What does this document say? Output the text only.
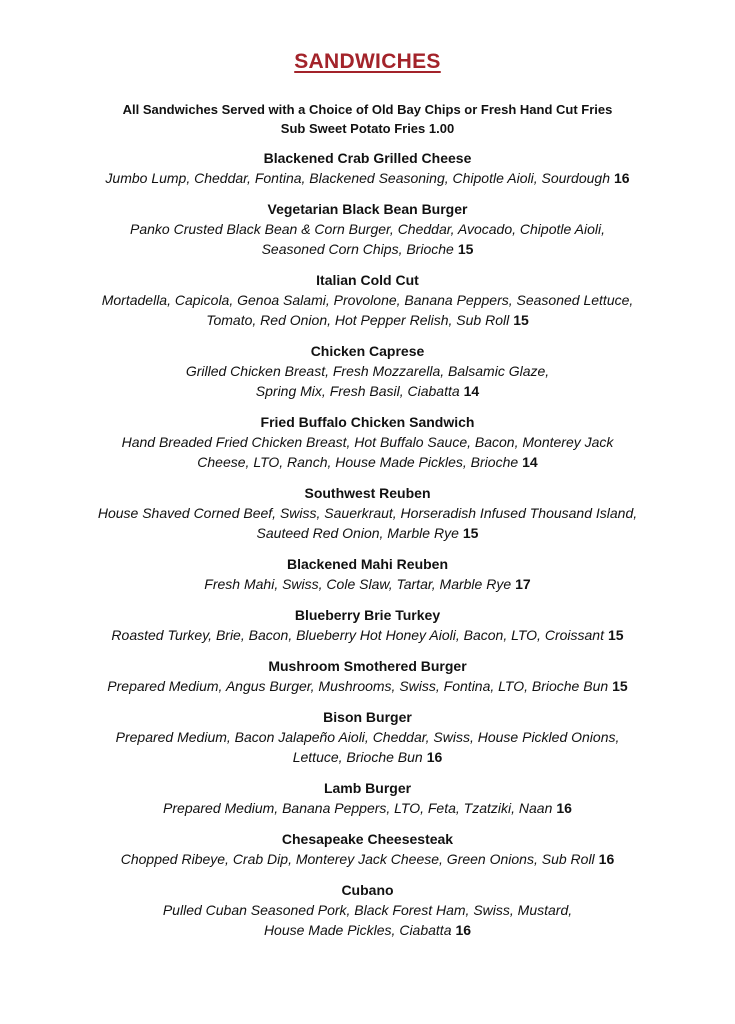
SANDWICHES
All Sandwiches Served with a Choice of Old Bay Chips or Fresh Hand Cut Fries
Sub Sweet Potato Fries 1.00
Blackened Crab Grilled Cheese
Jumbo Lump, Cheddar, Fontina, Blackened Seasoning, Chipotle Aioli, Sourdough 16
Vegetarian Black Bean Burger
Panko Crusted Black Bean & Corn Burger, Cheddar, Avocado, Chipotle Aioli,
Seasoned Corn Chips, Brioche 15
Italian Cold Cut
Mortadella, Capicola, Genoa Salami, Provolone, Banana Peppers, Seasoned Lettuce,
Tomato, Red Onion, Hot Pepper Relish, Sub Roll 15
Chicken Caprese
Grilled Chicken Breast, Fresh Mozzarella, Balsamic Glaze,
Spring Mix, Fresh Basil, Ciabatta 14
Fried Buffalo Chicken Sandwich
Hand Breaded Fried Chicken Breast, Hot Buffalo Sauce, Bacon, Monterey Jack
Cheese, LTO, Ranch, House Made Pickles, Brioche 14
Southwest Reuben
House Shaved Corned Beef, Swiss, Sauerkraut, Horseradish Infused Thousand Island,
Sauteed Red Onion, Marble Rye 15
Blackened Mahi Reuben
Fresh Mahi, Swiss, Cole Slaw, Tartar, Marble Rye 17
Blueberry Brie Turkey
Roasted Turkey, Brie, Bacon, Blueberry Hot Honey Aioli, Bacon, LTO, Croissant 15
Mushroom Smothered Burger
Prepared Medium, Angus Burger, Mushrooms, Swiss, Fontina, LTO, Brioche Bun 15
Bison Burger
Prepared Medium, Bacon Jalapeño Aioli, Cheddar, Swiss, House Pickled Onions,
Lettuce, Brioche Bun 16
Lamb Burger
Prepared Medium, Banana Peppers, LTO, Feta, Tzatziki, Naan 16
Chesapeake Cheesesteak
Chopped Ribeye, Crab Dip, Monterey Jack Cheese, Green Onions, Sub Roll 16
Cubano
Pulled Cuban Seasoned Pork, Black Forest Ham, Swiss, Mustard,
House Made Pickles, Ciabatta 16
